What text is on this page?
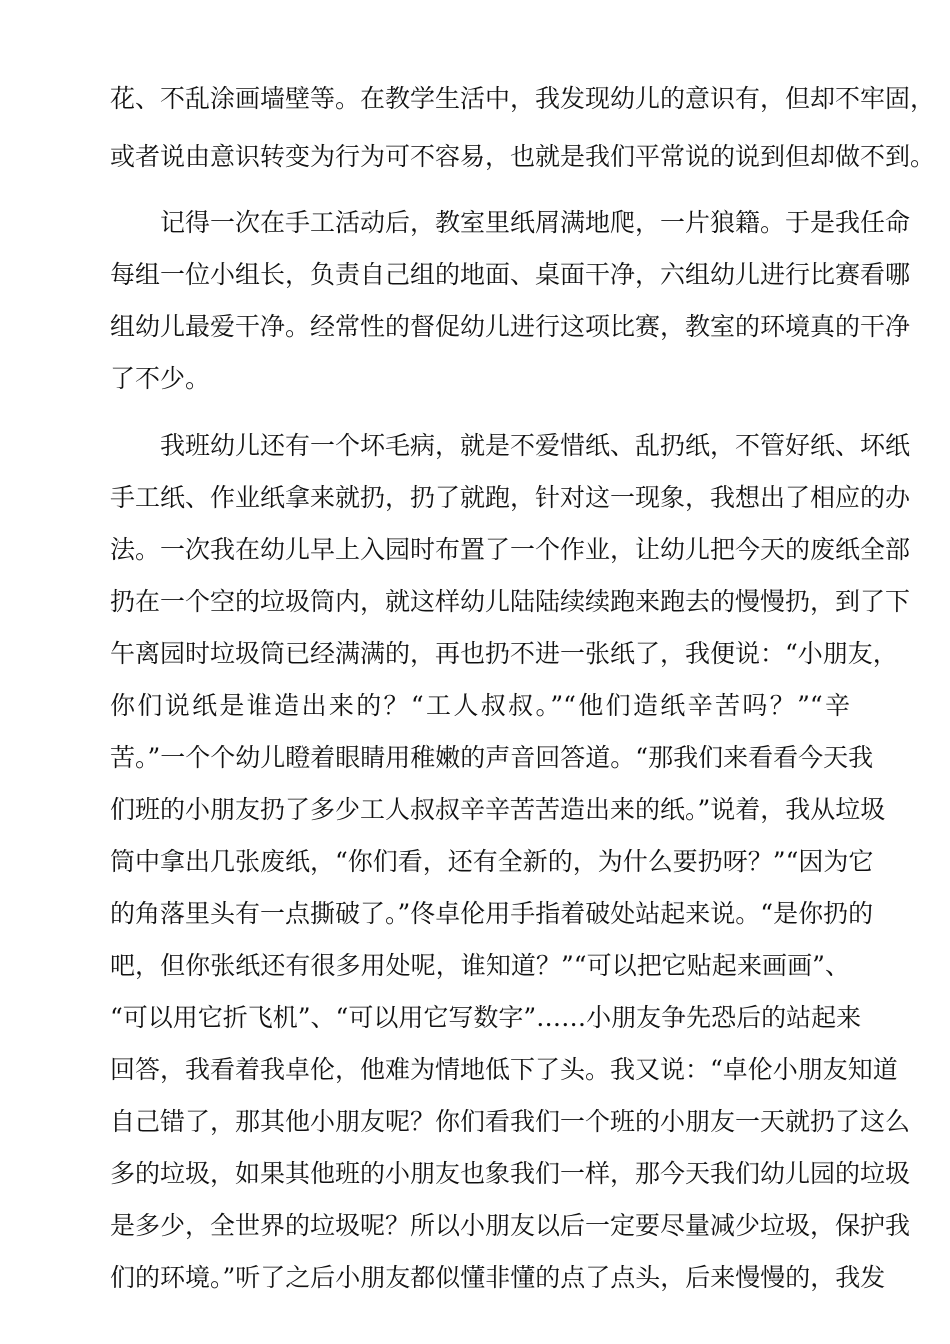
花、不乱涂画墙壁等。在教学生活中，我发现幼儿的意识有，但却不牢固，
或者说由意识转变为行为可不容易，也就是我们平常说的说到但却做不到。
记得一次在手工活动后，教室里纸屑满地爬，一片狼籍。于是我任命
每组一位小组长，负责自己组的地面、桌面干净，六组幼儿进行比赛看哪
组幼儿最爱干净。经常性的督促幼儿进行这项比赛，教室的环境真的干净
了不少。
我班幼儿还有一个坏毛病，就是不爱惜纸、乱扔纸，不管好纸、坏纸
手工纸、作业纸拿来就扔，扔了就跑，针对这一现象，我想出了相应的办
法。一次我在幼儿早上入园时布置了一个作业，让幼儿把今天的废纸全部
扔在一个空的垃圾筒内，就这样幼儿陆陆续续跑来跑去的慢慢扔，到了下
午离园时垃圾筒已经满满的，再也扔不进一张纸了，我便说：“小朋友，
你们说纸是谁造出来的？“工人叔叔。”“他们造纸辛苦吗？”“辛
苦。”一个个幼儿瞪着眼睛用稚嫩的声音回答道。“那我们来看看今天我
们班的小朋友扔了多少工人叔叔辛辛苦苦造出来的纸。”说着，我从垃圾
筒中拿出几张废纸，“你们看，还有全新的，为什么要扔呀？”“因为它
的角落里头有一点撕破了。”佟卓伦用手指着破处站起来说。“是你扔的
吧，但你张纸还有很多用处呢，谁知道？”“可以把它贴起来画画”、
“可以用它折飞机”、“可以用它写数字”……小朋友争先恐后的站起来
回答，我看着我卓伦，他难为情地低下了头。我又说：“卓伦小朋友知道
自己错了，那其他小朋友呢？你们看我们一个班的小朋友一天就扔了这么
多的垃圾，如果其他班的小朋友也象我们一样，那今天我们幼儿园的垃圾
是多少，全世界的垃圾呢？所以小朋友以后一定要尽量减少垃圾，保护我
们的环境。”听了之后小朋友都似懂非懂的点了点头，后来慢慢的，我发
